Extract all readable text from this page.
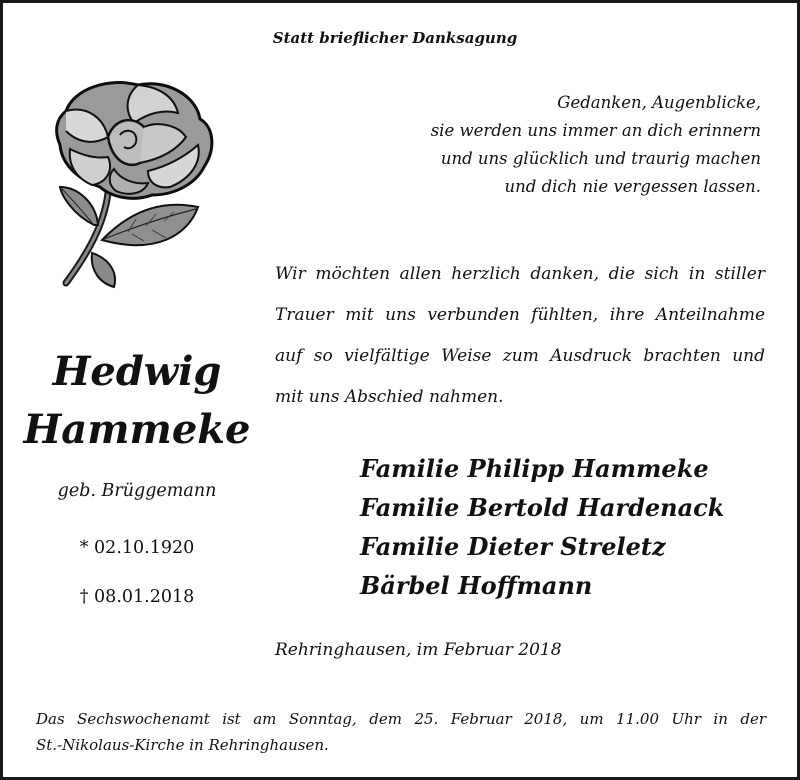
Statt brieflicher Danksagung
Gedanken, Augenblicke,
sie werden uns immer an dich erinnern
und uns glücklich und traurig machen
und dich nie vergessen lassen.
Wir möchten allen herzlich danken, die sich in stiller
Trauer mit uns verbunden fühlten, ihre Anteilnahme
auf so vielfältige Weise zum Ausdruck brachten und
mit uns Abschied nahmen.
Hedwig
Hammeke
geb. Brüggemann
* 02.10.1920
† 08.01.2018
Familie Philipp Hammeke
Familie Bertold Hardenack
Familie Dieter Streletz
Bärbel Hoffmann
Rehringhausen, im Februar 2018
Das Sechswochenamt ist am Sonntag, dem 25. Februar 2018, um 11.00 Uhr in der
St.-Nikolaus-Kirche in Rehringhausen.
